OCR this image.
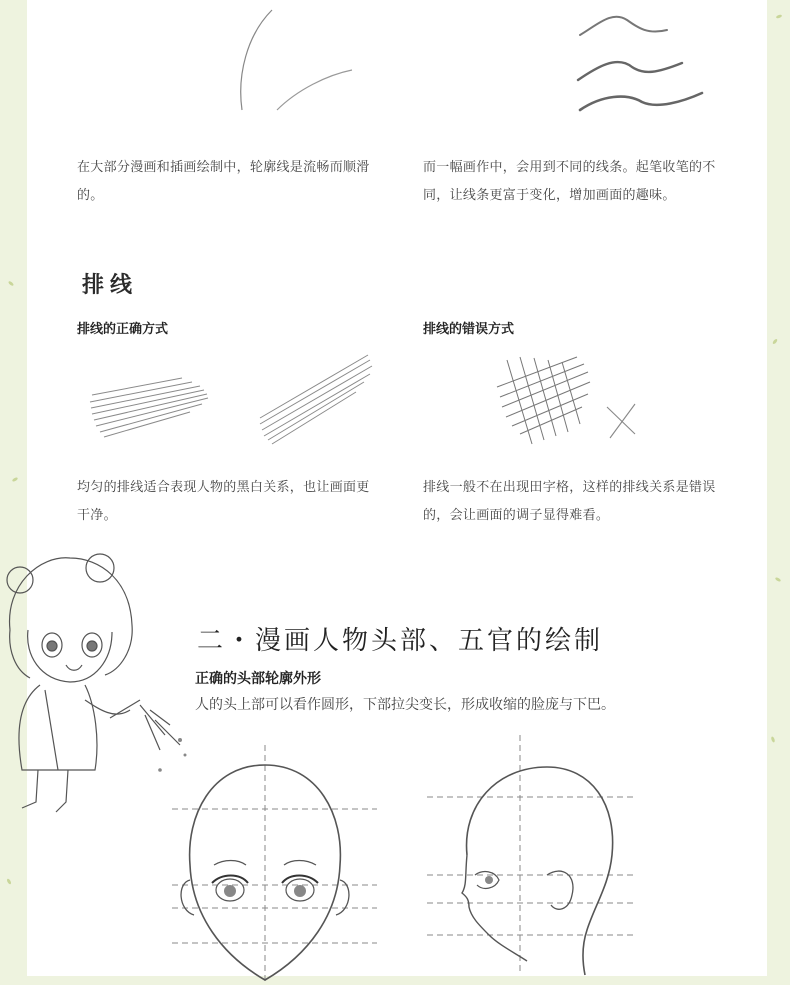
在大部分漫画和插画绘制中，轮廓线是流畅而顺滑的。
而一幅画作中，会用到不同的线条。起笔收笔的不同，让线条更富于变化，增加画面的趣味。
排线
排线的正确方式	排线的错误方式
均匀的排线适合表现人物的黑白关系，也让画面更干净。
排线一般不在出现田字格，这样的排线关系是错误的，会让画面的调子显得难看。
二・漫画人物头部、五官的绘制
正确的头部轮廓外形
人的头上部可以看作圆形，下部拉尖变长，形成收缩的脸庞与下巴。
